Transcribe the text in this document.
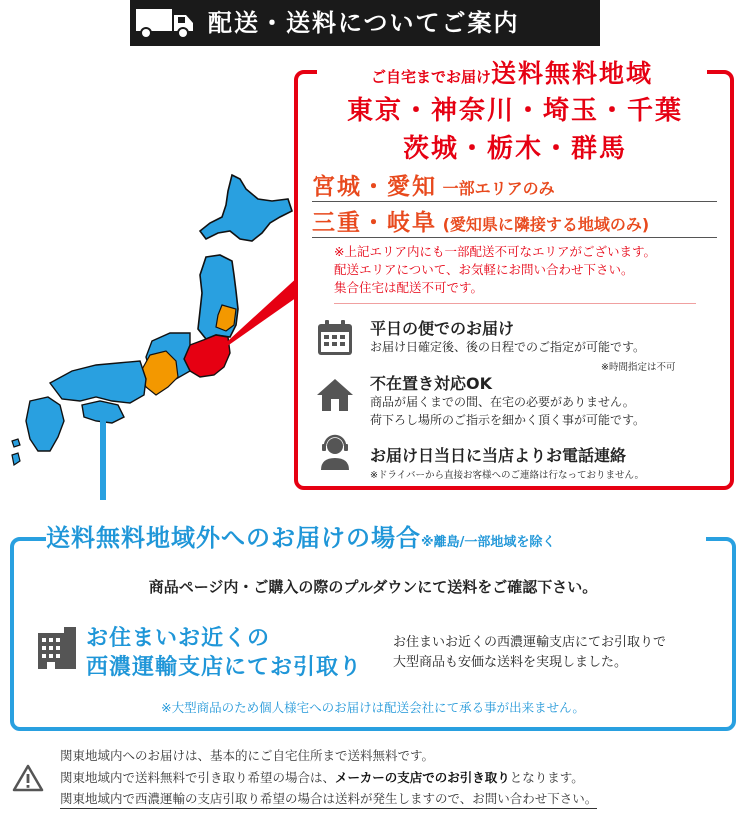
配送・送料についてご案内
ご自宅までお届け送料無料地域
東京・神奈川・埼玉・千葉
茨城・栃木・群馬
宮城・愛知 一部エリアのみ
三重・岐阜 (愛知県に隣接する地域のみ)
※上記エリア内にも一部配送不可なエリアがございます。
配送エリアについて、お気軽にお問い合わせ下さい。
集合住宅は配送不可です。
平日の便でのお届け
お届け日確定後、後の日程でのご指定が可能です。
※時間指定は不可
不在置き対応OK
商品が届くまでの間、在宅の必要がありません。
荷下ろし場所のご指示を細かく頂く事が可能です。
お届け日当日に当店よりお電話連絡
※ドライバーから直接お客様へのご連絡は行なっておりません。
送料無料地域外へのお届けの場合※離島/一部地域を除く
商品ページ内・ご購入の際のプルダウンにて送料をご確認下さい。
お住まいお近くの
西濃運輸支店にてお引取り
お住まいお近くの西濃運輸支店にてお引取りで
大型商品も安価な送料を実現しました。
※大型商品のため個人様宅へのお届けは配送会社にて承る事が出来ません。
関東地域内へのお届けは、基本的にご自宅住所まで送料無料です。
関東地域内で送料無料で引き取り希望の場合は、メーカーの支店でのお引き取りとなります。
関東地域内で西濃運輸の支店引取り希望の場合は送料が発生しますので、お問い合わせ下さい。
